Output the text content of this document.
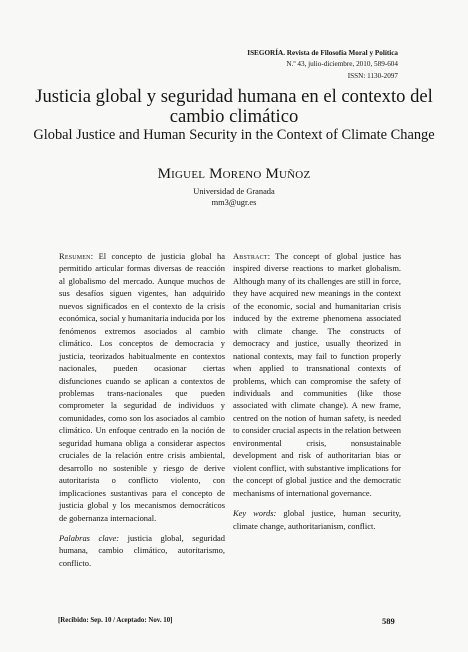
ISEGORÍA. Revista de Filosofía Moral y Política
N.º 43, julio-diciembre, 2010, 589-604
ISSN: 1130-2097
Justicia global y seguridad humana en el contexto del cambio climático
Global Justice and Human Security in the Context of Climate Change
Miguel Moreno Muñoz
Universidad de Granada
mm3@ugr.es
Resumen: El concepto de justicia global ha permitido articular formas diversas de reacción al globalismo del mercado. Aunque muchos de sus desafíos siguen vigentes, han adquirido nuevos significados en el contexto de la crisis económica, social y humanitaria inducida por los fenómenos extremos asociados al cambio climático. Los conceptos de democracia y justicia, teorizados habitualmente en contextos nacionales, pueden ocasionar ciertas disfunciones cuando se aplican a contextos de problemas trans-nacionales que pueden comprometer la seguridad de individuos y comunidades, como son los asociados al cambio climático. Un enfoque centrado en la noción de seguridad humana obliga a considerar aspectos cruciales de la relación entre crisis ambiental, desarrollo no sostenible y riesgo de derive autoritarista o conflicto violento, con implicaciones sustantivas para el concepto de justicia global y los mecanismos democráticos de gobernanza internacional.
Palabras clave: justicia global, seguridad humana, cambio climático, autoritarismo, conflicto.
Abstract: The concept of global justice has inspired diverse reactions to market globalism. Although many of its challenges are still in force, they have acquired new meanings in the context of the economic, social and humanitarian crisis induced by the extreme phenomena associated with climate change. The constructs of democracy and justice, usually theorized in national contexts, may fail to function properly when applied to transnational contexts of problems, which can compromise the safety of individuals and communities (like those associated with climate change). A new frame, centred on the notion of human safety, is needed to consider crucial aspects in the relation between environmental crisis, nonsustainable development and risk of authoritarian bias or violent conflict, with substantive implications for the concept of global justice and the democratic mechanisms of international governance.
Key words: global justice, human security, climate change, authoritarianism, conflict.
[Recibido: Sep. 10 / Aceptado: Nov. 10]	589
